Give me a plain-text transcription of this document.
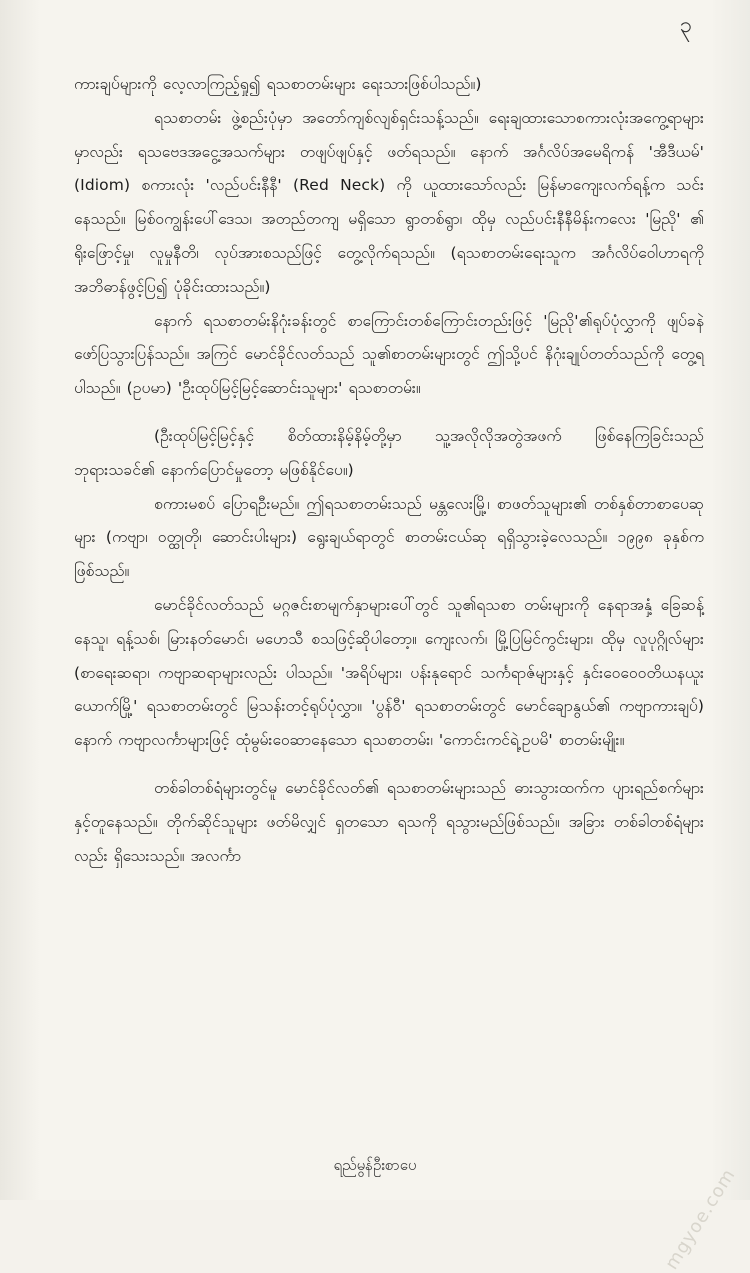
၃

ကားချပ်များကို လေ့လာကြည့်ရှု၍ ရသစာတမ်းများ ရေးသားဖြစ်ပါသည်။)

ရသစာတမ်း ဖွဲ့စည်းပုံမှာ အတော်ကျစ်လျစ်ရှင်းသန့်သည်။ ရေးချထားသောစကားလုံးအကွေ့ရာများမှာလည်း ရသဗေဒအငွေ့အသက်များ တဖျပ်ဖျပ်နှင့် ဖတ်ရသည်။ နောက် အင်္ဂလိပ်အမေရိကန် 'အီဒီယမ်' (Idiom) စကားလုံး 'လည်ပင်းနီနီ' (Red Neck) ကို ယူထားသော်လည်း မြန်မာကျေးလက်ရန့်က သင်းနေသည်။ မြစ်ဝကျွန်းပေါ်ဒေသ၊ အတည်တကျ မရှိသော ရွာတစ်ရွာ၊ ထိုမှ လည်ပင်းနီနီမိန်းကလေး 'မြညို' ၏ ရိုးဖြောင့်မှု၊ လူမှုနီတိ၊ လုပ်အားစသည်ဖြင့် တွေ့လိုက်ရသည်။ (ရသစာတမ်းရေးသူက အင်္ဂလိပ်ဝေါဟာရကို အဘိဓာန်ဖွင့်ပြ၍ ပုံခိုင်းထားသည်။)

နောက် ရသစာတမ်းနိဂုံးခန်းတွင် စာကြောင်းတစ်ကြောင်းတည်းဖြင့် 'မြညို'၏ရုပ်ပုံလွှာကို ဖျပ်ခနဲ ဖော်ပြသွားပြန်သည်။ အကြင် မောင်ခိုင်လတ်သည် သူ၏စာတမ်းများတွင် ဤသို့ပင် နိဂုံးချုပ်တတ်သည်ကို တွေ့ရပါသည်။ (ဥပမာ) 'ဦးထုပ်မြင့်မြင့်ဆောင်းသူများ' ရသစာတမ်း။

(ဦးထုပ်မြင့်မြင့်နှင့် စိတ်ထားနိမ့်နိမ့်တို့မှာ သူ့အလိုလိုအတွဲအဖက် ဖြစ်နေကြခြင်းသည် ဘုရားသခင်၏ နောက်ပြောင်မှုတော့ မဖြစ်နိုင်ပေ။)

စကားမစပ် ပြောရဦးမည်။ ဤရသစာတမ်းသည် မန္တလေးမြို့၊ စာဖတ်သူများ၏ တစ်နှစ်တာစာပေဆုများ (ကဗျာ၊ ဝတ္ထုတို၊ ဆောင်းပါးများ) ရွေးချယ်ရာတွင် စာတမ်းငယ်ဆု ရရှိသွားခဲ့လေသည်။ ၁၉၉၈ ခုနှစ်က ဖြစ်သည်။

မောင်ခိုင်လတ်သည် မဂ္ဂဇင်းစာမျက်နှာများပေါ်တွင် သူ၏ရသစာ တမ်းများကို နေရာအနှံ့ ခြေဆန့်နေသူ၊ ရန့်သစ်၊ မြားနတ်မောင်၊ မဟေသီ စသဖြင့်ဆိုပါတော့။ ကျေးလက်၊ မြို့ပြမြင်ကွင်းများ၊ ထိုမှ လူပုဂ္ဂိုလ်များ (စာရေးဆရာ၊ ကဗျာဆရာများလည်း ပါသည်။ 'အရိပ်များ၊ ပန်းနုရောင် သင်္ကရာဇ်များနှင့် နှင်းဝေဝေဝတိယနယူးယောက်မြို့' ရသစာတမ်းတွင် မြသန်းတင့်ရုပ်ပုံလွှာ။ 'ပွန်ဝီ' ရသစာတမ်းတွင် မောင်ချောနွယ်၏ ကဗျာကားချပ်) နောက် ကဗျာလင်္ကာများဖြင့် ထုံမွမ်းဝေဆာနေသော ရသစာတမ်း၊ 'ကောင်းကင်ရဲ့ဥပမိ' စာတမ်းမျိုး။

တစ်ခါတစ်ရံများတွင်မူ မောင်ခိုင်လတ်၏ ရသစာတမ်းများသည် ဓားသွားထက်က ပျားရည်စက်များနှင့်တူနေသည်။ တိုက်ဆိုင်သူများ ဖတ်မိလျှင် ရှတသော ရသကို ရသွားမည်ဖြစ်သည်။ အခြား တစ်ခါတစ်ရံများလည်း ရှိသေးသည်။ အလင်္ကာ

ရည်မွန်ဦးစာပေ	mgyoe.com
